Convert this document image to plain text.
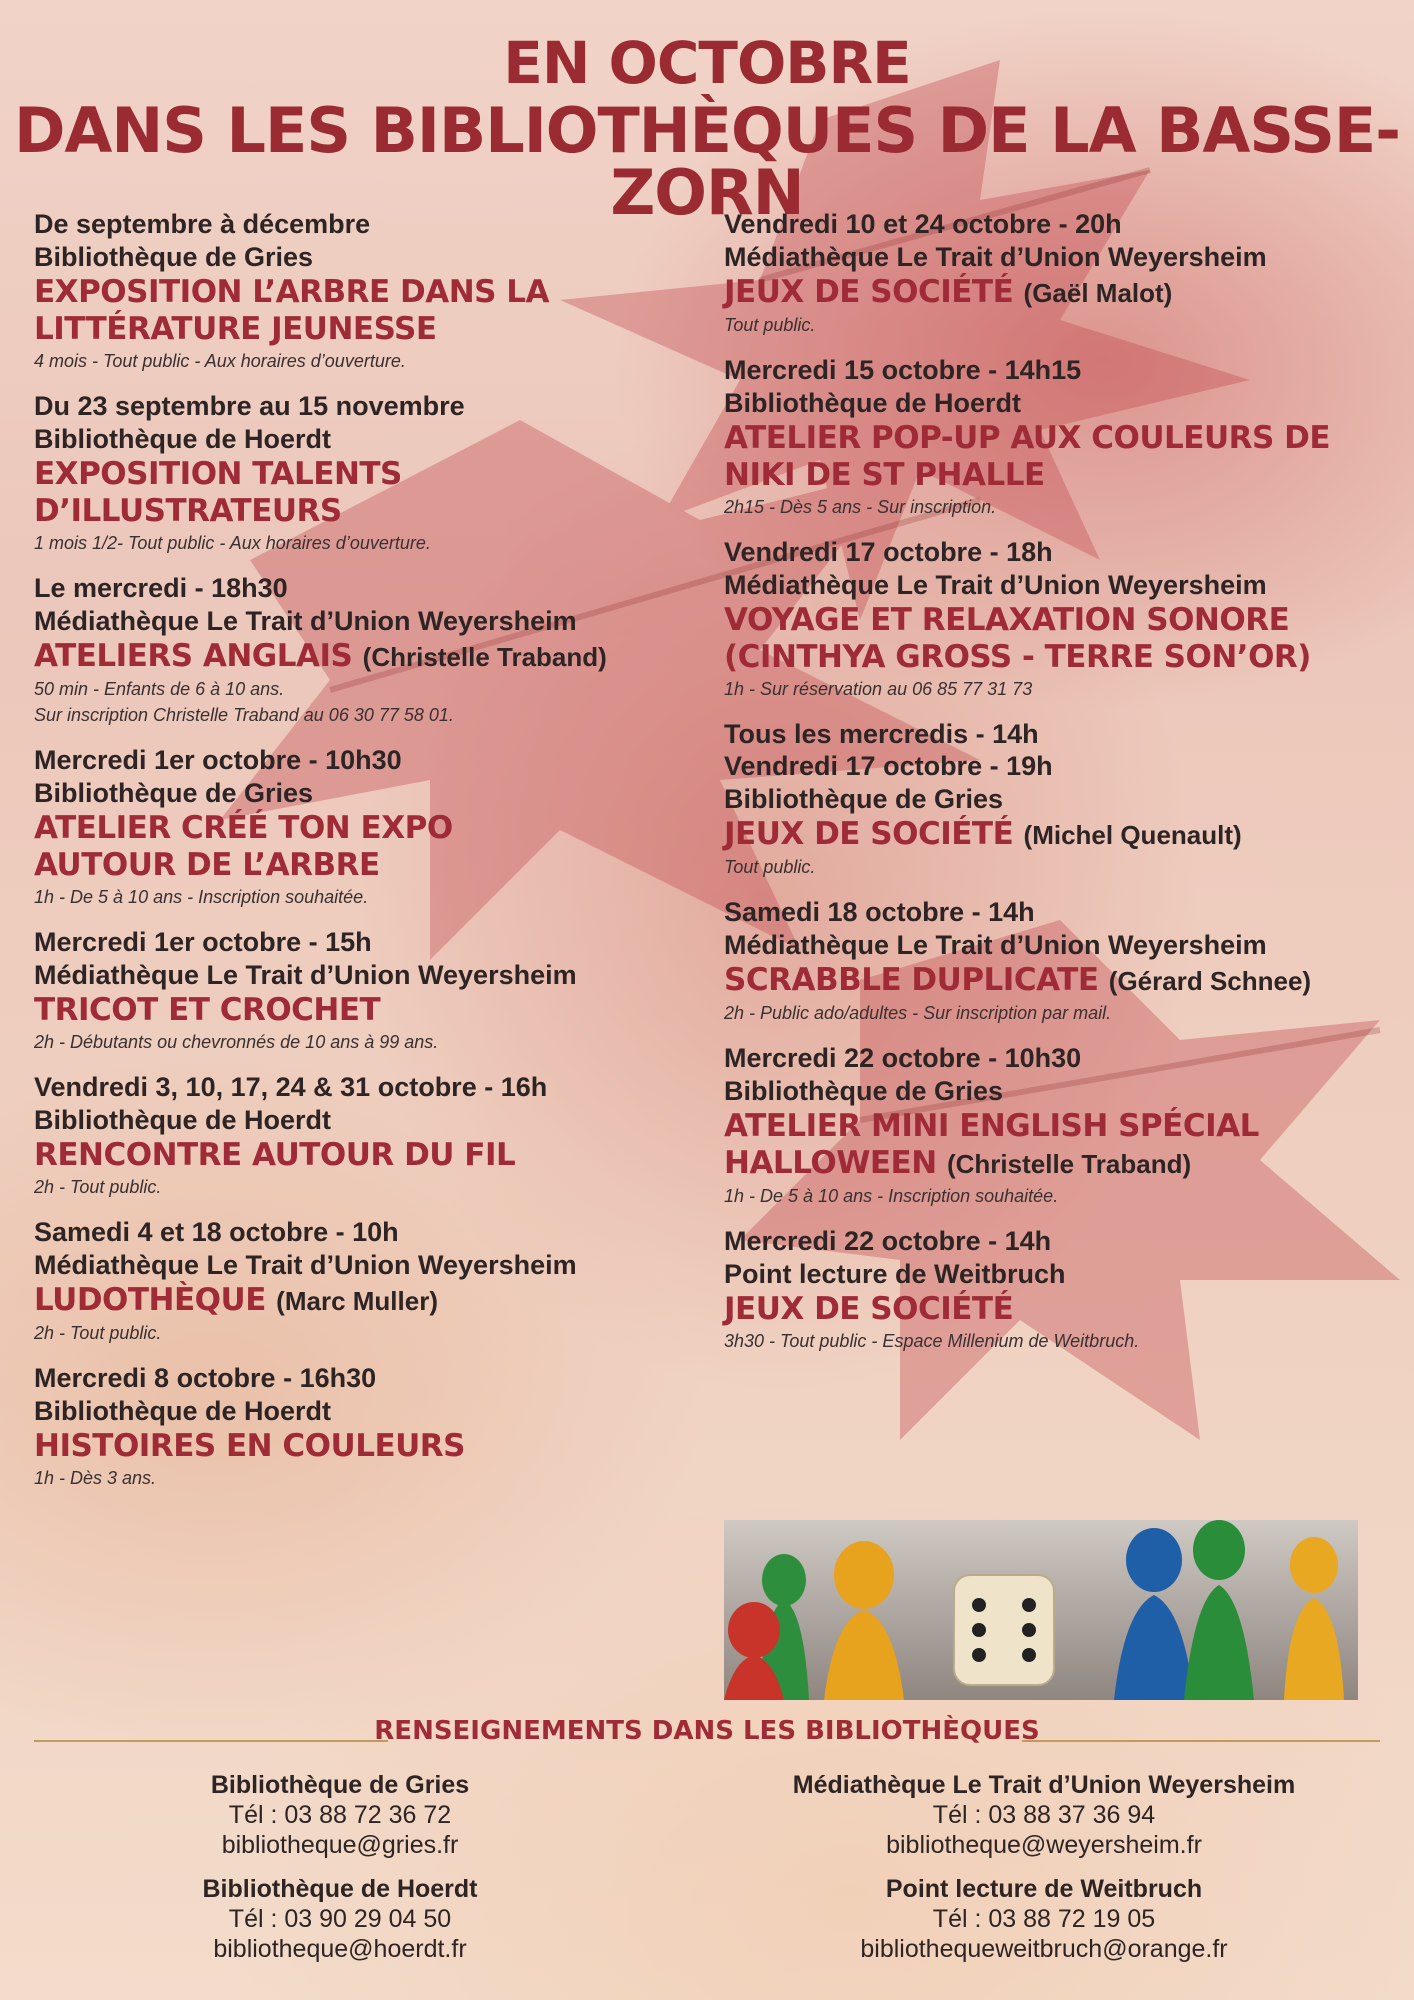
EN OCTOBRE
DANS LES BIBLIOTHÈQUES DE LA BASSE-ZORN
De septembre à décembre
Bibliothèque de Gries
EXPOSITION L’ARBRE DANS LA LITTÉRATURE JEUNESSE
4 mois - Tout public - Aux horaires d’ouverture.
Du 23 septembre au 15 novembre
Bibliothèque de Hoerdt
EXPOSITION TALENTS D’ILLUSTRATEURS
1 mois 1/2- Tout public - Aux horaires d’ouverture.
Le mercredi - 18h30
Médiathèque Le Trait d’Union Weyersheim
ATELIERS ANGLAIS (Christelle Traband)
50 min - Enfants de 6 à 10 ans.
Sur inscription Christelle Traband au 06 30 77 58 01.
Mercredi 1er octobre - 10h30
Bibliothèque de Gries
ATELIER CRÉÉ TON EXPO AUTOUR DE L’ARBRE
1h - De 5 à 10 ans - Inscription souhaitée.
Mercredi 1er octobre - 15h
Médiathèque Le Trait d’Union Weyersheim
TRICOT ET CROCHET
2h - Débutants ou chevronnés de 10 ans à 99 ans.
Vendredi 3, 10, 17, 24 & 31 octobre - 16h
Bibliothèque de Hoerdt
RENCONTRE AUTOUR DU FIL
2h - Tout public.
Samedi 4 et 18 octobre - 10h
Médiathèque Le Trait d’Union Weyersheim
LUDOTHÈQUE (Marc Muller)
2h - Tout public.
Mercredi 8 octobre - 16h30
Bibliothèque de Hoerdt
HISTOIRES EN COULEURS
1h - Dès 3 ans.
Vendredi 10 et 24 octobre - 20h
Médiathèque Le Trait d’Union Weyersheim
JEUX DE SOCIÉTÉ (Gaël Malot)
Tout public.
Mercredi 15 octobre - 14h15
Bibliothèque de Hoerdt
ATELIER POP-UP AUX COULEURS DE NIKI DE ST PHALLE
2h15 - Dès 5 ans - Sur inscription.
Vendredi 17 octobre - 18h
Médiathèque Le Trait d’Union Weyersheim
VOYAGE ET RELAXATION SONORE (CINTHYA GROSS - TERRE SON’OR)
1h - Sur réservation au 06 85 77 31 73
Tous les mercredis - 14h
Vendredi 17 octobre - 19h
Bibliothèque de Gries
JEUX DE SOCIÉTÉ (Michel Quenault)
Tout public.
Samedi 18 octobre - 14h
Médiathèque Le Trait d’Union Weyersheim
SCRABBLE DUPLICATE (Gérard Schnee)
2h - Public ado/adultes - Sur inscription par mail.
Mercredi 22 octobre - 10h30
Bibliothèque de Gries
ATELIER MINI ENGLISH SPÉCIAL HALLOWEEN (Christelle Traband)
1h - De 5 à 10 ans - Inscription souhaitée.
Mercredi 22 octobre - 14h
Point lecture de Weitbruch
JEUX DE SOCIÉTÉ
3h30 - Tout public - Espace Millenium de Weitbruch.
RENSEIGNEMENTS DANS LES BIBLIOTHÈQUES
Bibliothèque de Gries
Tél : 03 88 72 36 72
bibliotheque@gries.fr
Bibliothèque de Hoerdt
Tél : 03 90 29 04 50
bibliotheque@hoerdt.fr
Médiathèque Le Trait d’Union Weyersheim
Tél : 03 88 37 36 94
bibliotheque@weyersheim.fr
Point lecture de Weitbruch
Tél : 03 88 72 19 05
bibliothequeweitbruch@orange.fr
